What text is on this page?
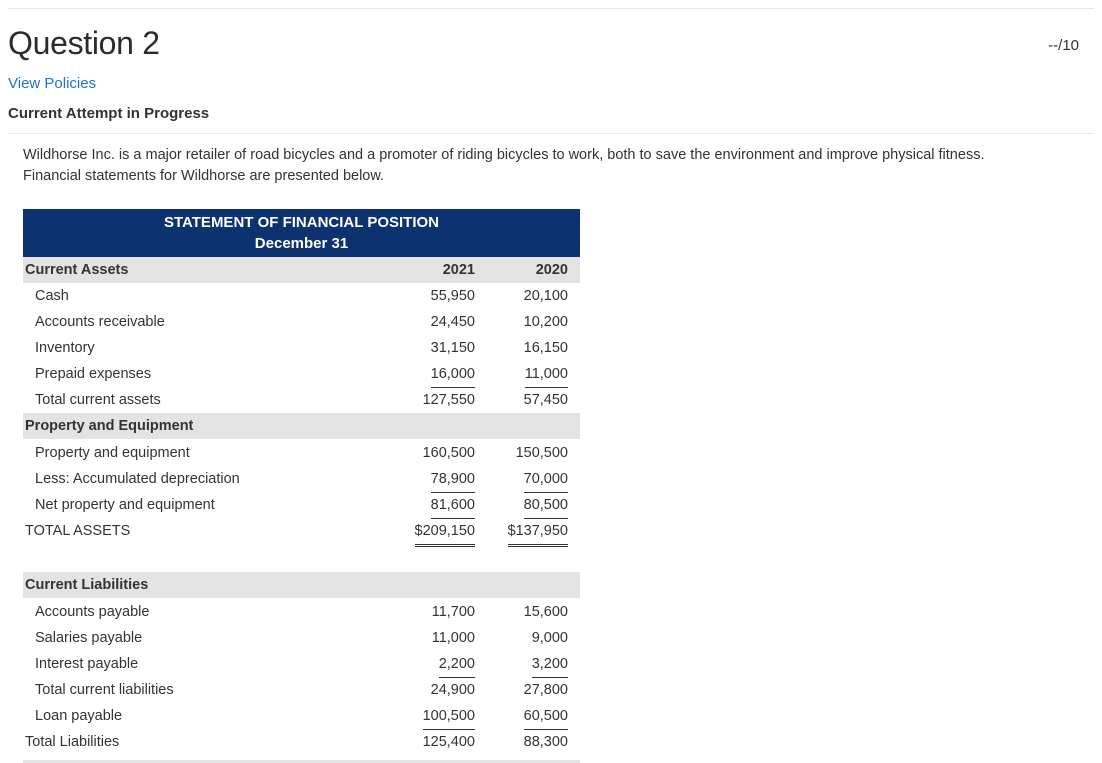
Question 2	--/10
View Policies
Current Attempt in Progress
Wildhorse Inc. is a major retailer of road bicycles and a promoter of riding bicycles to work, both to save the environment and improve physical fitness.
Financial statements for Wildhorse are presented below.
STATEMENT OF FINANCIAL POSITION
December 31
Current Assets	2021	2020
Cash	55,950	20,100
Accounts receivable	24,450	10,200
Inventory	31,150	16,150
Prepaid expenses	16,000	11,000
Total current assets	127,550	57,450
Property and Equipment
Property and equipment	160,500	150,500
Less: Accumulated depreciation	78,900	70,000
Net property and equipment	81,600	80,500
TOTAL ASSETS	$209,150 $137,950
Current Liabilities
Accounts payable	11,700	15,600
Salaries payable	11,000	9,000
Interest payable	2,200	3,200
Total current liabilities	24,900	27,800
Loan payable	100,500	60,500
Total Liabilities	125,400	88,300
